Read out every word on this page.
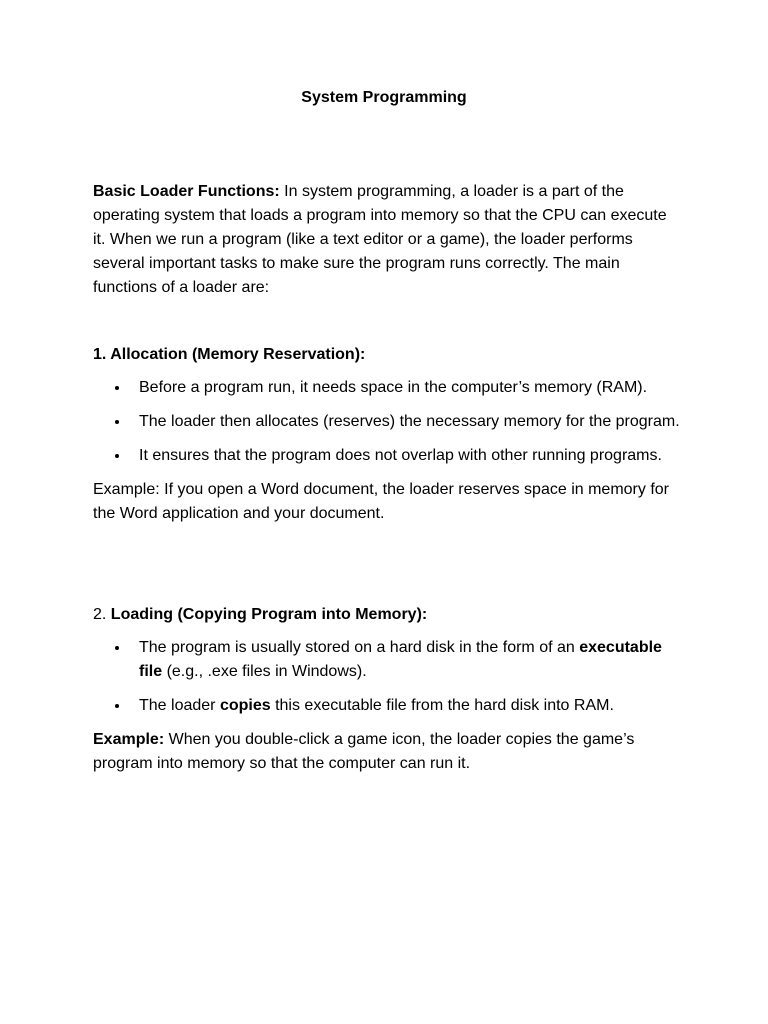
System Programming

Basic Loader Functions: In system programming, a loader is a part of the operating system that loads a program into memory so that the CPU can execute it. When we run a program (like a text editor or a game), the loader performs several important tasks to make sure the program runs correctly. The main functions of a loader are:

1. Allocation (Memory Reservation):

Before a program run, it needs space in the computer’s memory (RAM).
The loader then allocates (reserves) the necessary memory for the program.
It ensures that the program does not overlap with other running programs.

Example: If you open a Word document, the loader reserves space in memory for the Word application and your document.

2. Loading (Copying Program into Memory):

The program is usually stored on a hard disk in the form of an executable file (e.g., .exe files in Windows).
The loader copies this executable file from the hard disk into RAM.

Example: When you double-click a game icon, the loader copies the game’s program into memory so that the computer can run it.
